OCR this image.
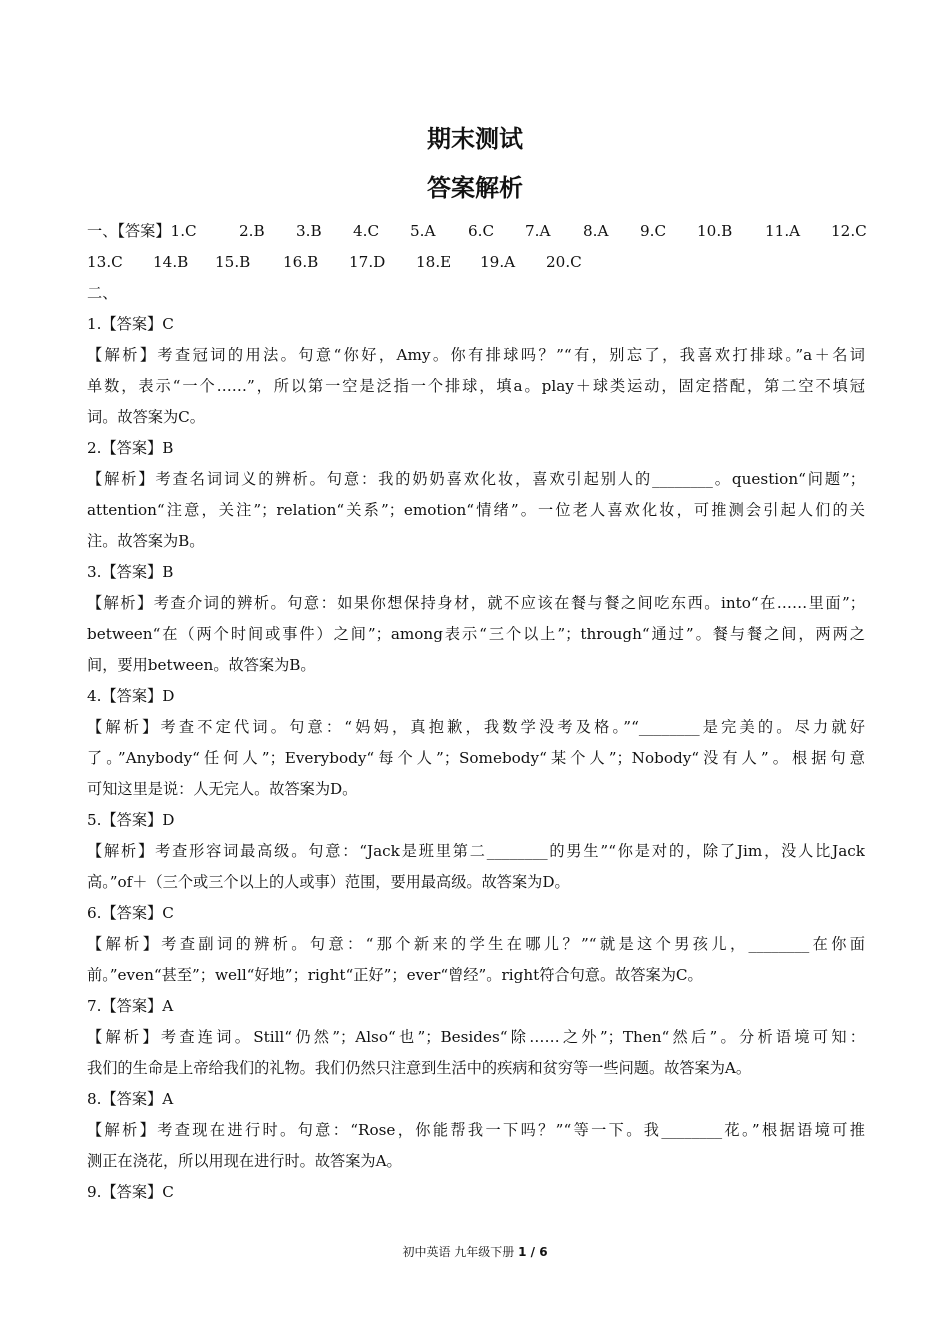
期末测试
答案解析
一、【答案】1.C	2.B 3.B 4.C 5.A 6.C 7.A 8.A 9.C 10.B 11.A 12.C
13.C 14.B 15.B 16.B 17.D 18.E 19.A 20.C
二、
1.【答案】C
【解析】考查冠词的用法。句意“你好，Amy。你有排球吗？”“有，别忘了，我喜欢打排球。”a＋名词
单数，表示“一个……”，所以第一空是泛指一个排球，填a。play＋球类运动，固定搭配，第二空不填冠
词。故答案为C。
2.【答案】B
【解析】考查名词词义的辨析。句意：我的奶奶喜欢化妆，喜欢引起别人的________。question“问题”；
attention“注意，关注”；relation“关系”；emotion“情绪”。一位老人喜欢化妆，可推测会引起人们的关
注。故答案为B。
3.【答案】B
【解析】考查介词的辨析。句意：如果你想保持身材，就不应该在餐与餐之间吃东西。into“在……里面”；
between“在（两个时间或事件）之间”；among表示“三个以上”；through“通过”。餐与餐之间，两两之
间，要用between。故答案为B。
4.【答案】D
【解析】考查不定代词。句意：“妈妈，真抱歉，我数学没考及格。”“________是完美的。尽力就好
了。”Anybody“任何人”；Everybody“每个人”；Somebody“某个人”；Nobody“没有人”。根据句意
可知这里是说：人无完人。故答案为D。
5.【答案】D
【解析】考查形容词最高级。句意：“Jack是班里第二________的男生”“你是对的，除了Jim，没人比Jack
高。”of＋（三个或三个以上的人或事）范围，要用最高级。故答案为D。
6.【答案】C
【解析】考查副词的辨析。句意：“那个新来的学生在哪儿？”“就是这个男孩儿，________在你面
前。”even“甚至”；well“好地”；right“正好”；ever“曾经”。right符合句意。故答案为C。
7.【答案】A
【解析】考查连词。Still“仍然”；Also“也”；Besides“除……之外”；Then“然后”。分析语境可知：
我们的生命是上帝给我们的礼物。我们仍然只注意到生活中的疾病和贫穷等一些问题。故答案为A。
8.【答案】A
【解析】考查现在进行时。句意：“Rose，你能帮我一下吗？”“等一下。我________花。”根据语境可推
测正在浇花，所以用现在进行时。故答案为A。
9.【答案】C
初中英语 九年级下册 1 / 6
